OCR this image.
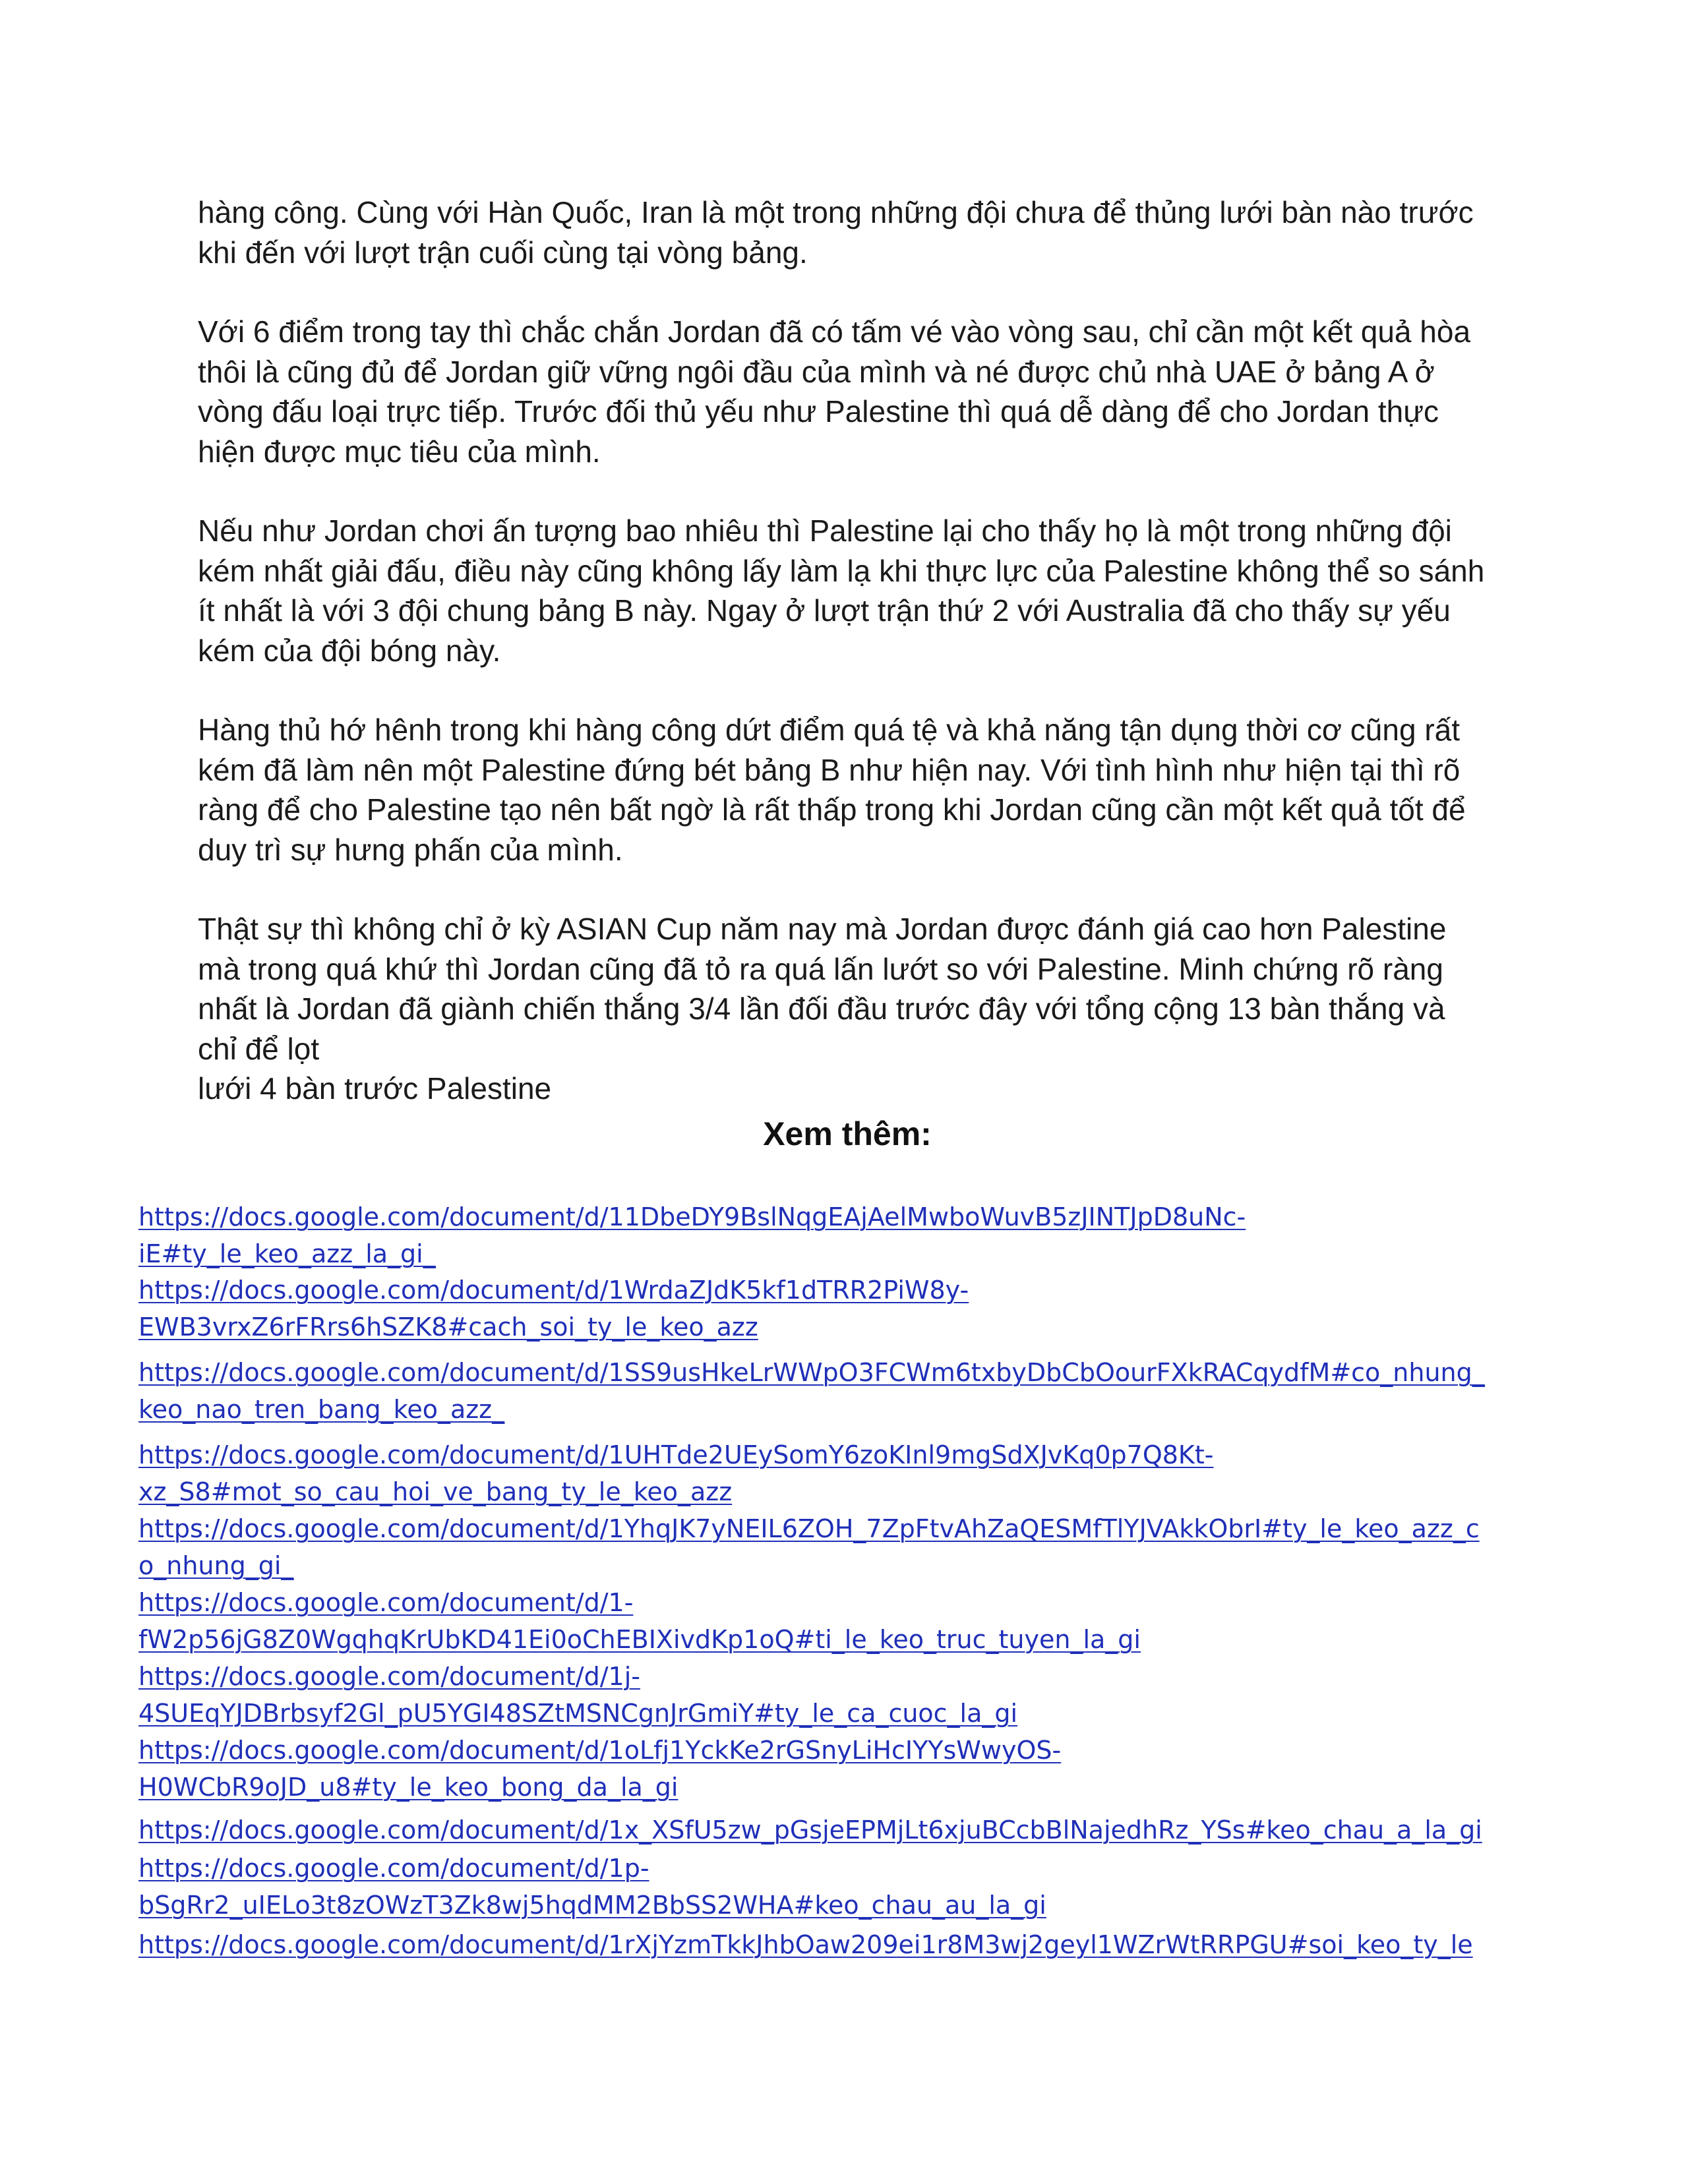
hàng công. Cùng với Hàn Quốc, Iran là một trong những đội chưa để thủng lưới bàn nào trước
khi đến với lượt trận cuối cùng tại vòng bảng.

Với 6 điểm trong tay thì chắc chắn Jordan đã có tấm vé vào vòng sau, chỉ cần một kết quả hòa
thôi là cũng đủ để Jordan giữ vững ngôi đầu của mình và né được chủ nhà UAE ở bảng A ở
vòng đấu loại trực tiếp. Trước đối thủ yếu như Palestine thì quá dễ dàng để cho Jordan thực
hiện được mục tiêu của mình.

Nếu như Jordan chơi ấn tượng bao nhiêu thì Palestine lại cho thấy họ là một trong những đội
kém nhất giải đấu, điều này cũng không lấy làm lạ khi thực lực của Palestine không thể so sánh
ít nhất là với 3 đội chung bảng B này. Ngay ở lượt trận thứ 2 với Australia đã cho thấy sự yếu
kém của đội bóng này.

Hàng thủ hớ hênh trong khi hàng công dứt điểm quá tệ và khả năng tận dụng thời cơ cũng rất
kém đã làm nên một Palestine đứng bét bảng B như hiện nay. Với tình hình như hiện tại thì rõ
ràng để cho Palestine tạo nên bất ngờ là rất thấp trong khi Jordan cũng cần một kết quả tốt để
duy trì sự hưng phấn của mình.

Thật sự thì không chỉ ở kỳ ASIAN Cup năm nay mà Jordan được đánh giá cao hơn Palestine
mà trong quá khứ thì Jordan cũng đã tỏ ra quá lấn lướt so với Palestine. Minh chứng rõ ràng
nhất là Jordan đã giành chiến thắng 3/4 lần đối đầu trước đây với tổng cộng 13 bàn thắng và
chỉ để lọt
lưới 4 bàn trước Palestine

Xem thêm:
https://docs.google.com/document/d/11DbeDY9BslNqgEAjAelMwboWuvB5zJINTJpD8uNc-
iE#ty_le_keo_azz_la_gi_
https://docs.google.com/document/d/1WrdaZJdK5kf1dTRR2PiW8y-
EWB3vrxZ6rFRrs6hSZK8#cach_soi_ty_le_keo_azz
https://docs.google.com/document/d/1SS9usHkeLrWWpO3FCWm6txbyDbCbOourFXkRACqydfM#co_nhung_
keo_nao_tren_bang_keo_azz_
https://docs.google.com/document/d/1UHTde2UEySomY6zoKInl9mgSdXJvKq0p7Q8Kt-
xz_S8#mot_so_cau_hoi_ve_bang_ty_le_keo_azz
https://docs.google.com/document/d/1YhqJK7yNEIL6ZOH_7ZpFtvAhZaQESMfTlYJVAkkObrI#ty_le_keo_azz_c
o_nhung_gi_
https://docs.google.com/document/d/1-
fW2p56jG8Z0WgqhqKrUbKD41Ei0oChEBIXivdKp1oQ#ti_le_keo_truc_tuyen_la_gi
https://docs.google.com/document/d/1j-
4SUEqYJDBrbsyf2Gl_pU5YGI48SZtMSNCgnJrGmiY#ty_le_ca_cuoc_la_gi
https://docs.google.com/document/d/1oLfj1YckKe2rGSnyLiHcIYYsWwyOS-
H0WCbR9oJD_u8#ty_le_keo_bong_da_la_gi
https://docs.google.com/document/d/1x_XSfU5zw_pGsjeEPMjLt6xjuBCcbBlNajedhRz_YSs#keo_chau_a_la_gi
https://docs.google.com/document/d/1p-
bSgRr2_uIELo3t8zOWzT3Zk8wj5hqdMM2BbSS2WHA#keo_chau_au_la_gi
https://docs.google.com/document/d/1rXjYzmTkkJhbOaw209ei1r8M3wj2geyl1WZrWtRRPGU#soi_keo_ty_le
